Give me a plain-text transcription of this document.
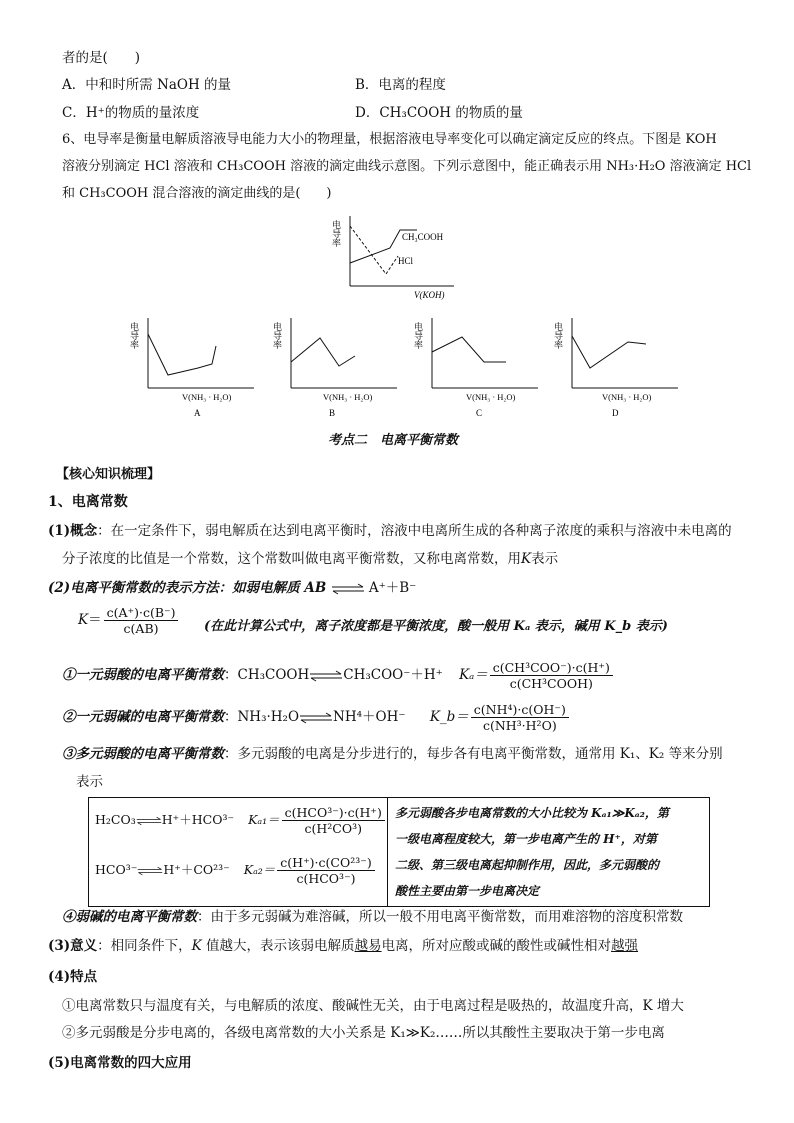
者的是(　　)
A．中和时所需 NaOH 的量	B．电离的程度
C．H⁺的物质的量浓度	D．CH₃COOH 的物质的量
6、电导率是衡量电解质溶液导电能力大小的物理量，根据溶液电导率变化可以确定滴定反应的终点。下图是 KOH
溶液分别滴定 HCl 溶液和 CH₃COOH 溶液的滴定曲线示意图。下列示意图中，能正确表示用 NH₃·H₂O 溶液滴定 HCl
和 CH₃COOH 混合溶液的滴定曲线的是(　　)
电导率	CH₃COOH
HCl
V(KOH)
电导率
V(NH₃ · H₂O)
A
电导率
V(NH₃ · H₂O)
B
电导率
V(NH₃ · H₂O)
C
电导率
V(NH₃ · H₂O)
D
考点二　电离平衡常数
【核心知识梳理】
1、电离常数
(1)概念：在一定条件下，弱电解质在达到电离平衡时，溶液中电离所生成的各种离子浓度的乘积与溶液中未电离的
分子浓度的比值是一个常数，这个常数叫做电离平衡常数，又称电离常数，用K表示
(2)电离平衡常数的表示方法：如弱电解质 AB ⇌ A⁺＋B⁻
$K= \frac{c(A^+)\cdot c(B^-)}{c(AB)}$ (在此计算公式中，离子浓度都是平衡浓度，酸一般用 Kₐ 表示，碱用 K_b 表示)
①一元弱酸的电离平衡常数：CH₃COOH⇌CH₃COO⁻＋H⁺ $K_a= \frac{\text{c(CH³COO⁻)·c(H⁺)}}{\text{c(CH³COOH)}}$
②一元弱碱的电离平衡常数：NH₃·H₂O⇌NH⁴＋OH⁻ K_b＝ $\frac{\text{c(NH⁴)·c(OH⁻)}}{\text{c(NH³·H²O)}}$
③多元弱酸的电离平衡常数：多元弱酸的电离是分步进行的，每步各有电离平衡常数，通常用 K₁、K₂ 等来分别
表示
H₂CO₃⇌H⁺＋HCO³⁻ $K_{a1}= \frac{\text{c(HCO³⁻)·c(H⁺)}}{\text{c(H²CO³)}}$
HCO³⁻⇌H⁺＋CO²³⁻ $K_{a2}= \frac{\text{c(H⁺)·c(CO²³⁻)}}{\text{c(HCO³⁻)}}$
多元弱酸各步电离常数的大小比较为 Kₐ₁≫Kₐ₂，第
一级电离程度较大，第一步电离产生的 H⁺，对第
二级、第三级电离起抑制作用，因此，多元弱酸的
酸性主要由第一步电离决定
④弱碱的电离平衡常数：由于多元弱碱为难溶碱，所以一般不用电离平衡常数，而用难溶物的溶度积常数
(3)意义：相同条件下，K 值越大，表示该弱电解质越易电离，所对应酸或碱的酸性或碱性相对越强
(4)特点
①电离常数只与温度有关，与电解质的浓度、酸碱性无关，由于电离过程是吸热的，故温度升高，K 增大
②多元弱酸是分步电离的，各级电离常数的大小关系是 K₁≫K₂……所以其酸性主要取决于第一步电离
(5)电离常数的四大应用
